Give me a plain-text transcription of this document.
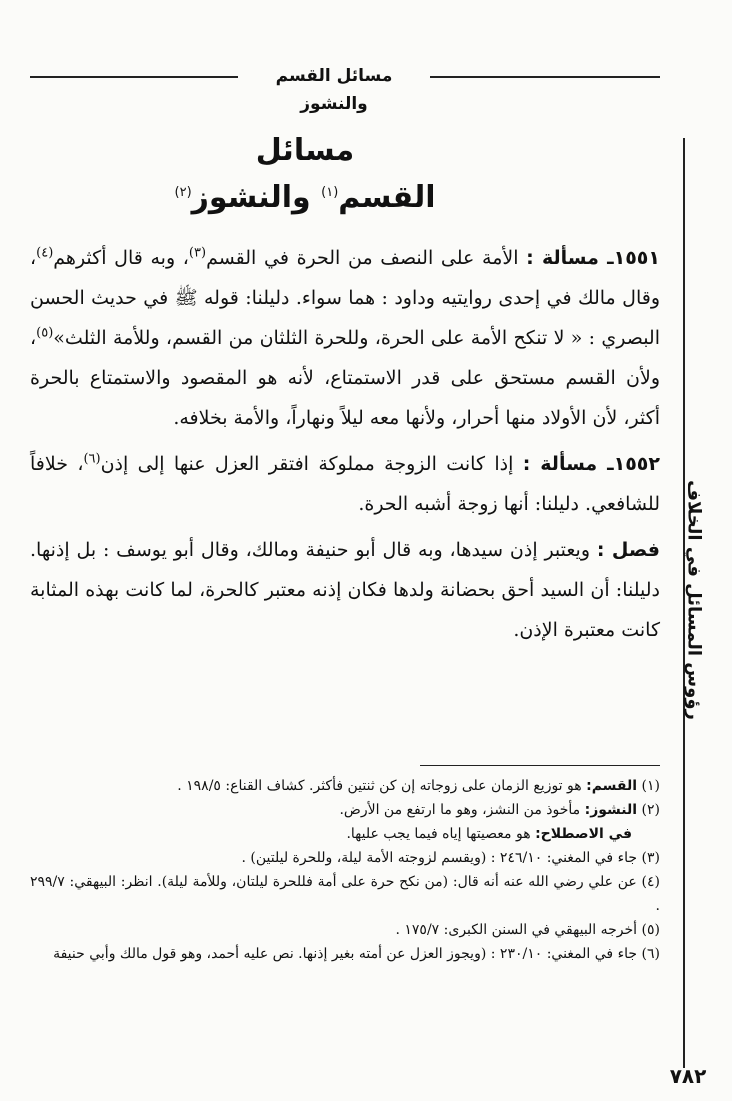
مسائل القسم والنشوز
رؤوس المسائل في الخلاف
مسائل
القسم$^{(١)}$ والنشوز$^{(٢)}$

١٥٥١ـ مسألة : الأمة على النصف من الحرة في القسم$^{(٣)}$، وبه قال أكثرهم$^{(٤)}$، وقال مالك في إحدى روايتيه وداود : هما سواء. دليلنا: قوله ﷺ في حديث الحسن البصري : « لا تنكح الأمة على الحرة، وللحرة الثلثان من القسم، وللأمة الثلث»$^{(٥)}$، ولأن القسم مستحق على قدر الاستمتاع، لأنه هو المقصود والاستمتاع بالحرة أكثر، لأن الأولاد منها أحرار، ولأنها معه ليلاً ونهاراً، والأمة بخلافه.

١٥٥٢ـ مسألة : إذا كانت الزوجة مملوكة افتقر العزل عنها إلى إذن$^{(٦)}$، خلافاً للشافعي. دليلنا: أنها زوجة أشبه الحرة.

فصل : ويعتبر إذن سيدها، وبه قال أبو حنيفة ومالك، وقال أبو يوسف : بل إذنها. دليلنا: أن السيد أحق بحضانة ولدها فكان إذنه معتبر كالحرة، لما كانت بهذه المثابة كانت معتبرة الإذن.

(١) القسم: هو توزيع الزمان على زوجاته إن كن ثنتين فأكثر. كشاف القناع: ١٩٨/٥ .

(٢) النشوز: مأخوذ من النشز، وهو ما ارتفع من الأرض.

في الاصطلاح: هو معصيتها إياه فيما يجب عليها.

(٣) جاء في المغني: ٢٤٦/١٠ : (ويقسم لزوجته الأمة ليلة، وللحرة ليلتين) .

(٤) عن علي رضي الله عنه أنه قال: (من نكح حرة على أمة فللحرة ليلتان، وللأمة ليلة). انظر: البيهقي: ٢٩٩/٧ .

(٥) أخرجه البيهقي في السنن الكبرى: ١٧٥/٧ .

(٦) جاء في المغني: ٢٣٠/١٠ : (ويجوز العزل عن أمته بغير إذنها. نص عليه أحمد، وهو قول مالك وأبي حنيفة

٧٨٢
